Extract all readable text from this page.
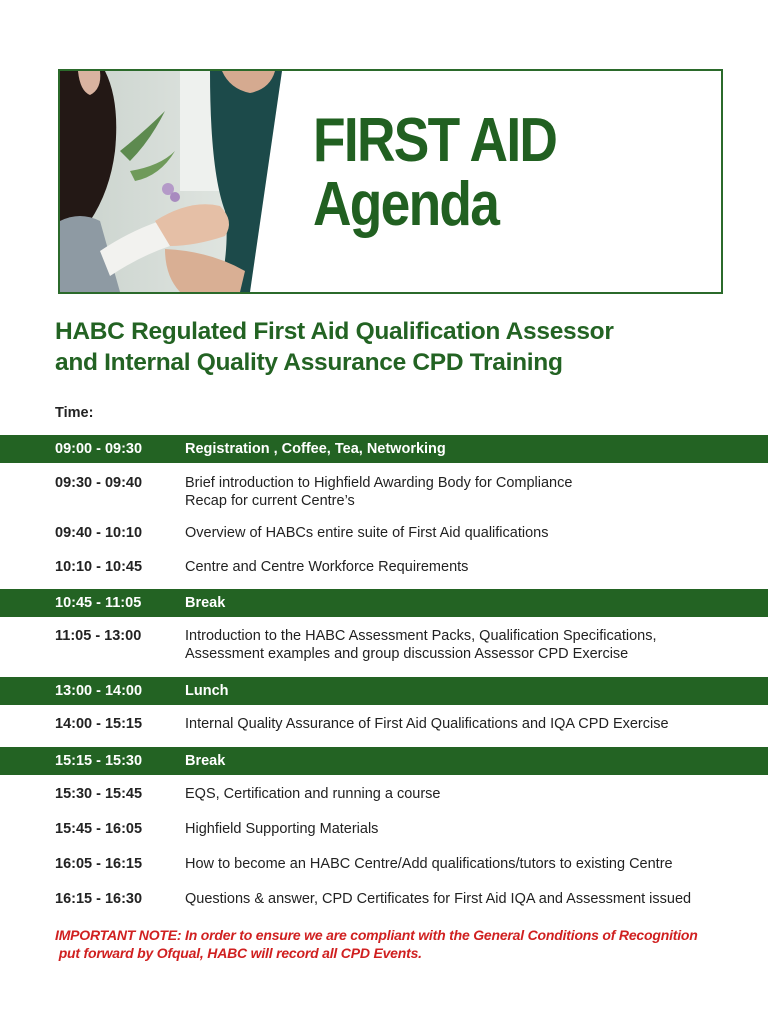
FIRST AID
Agenda
HABC Regulated First Aid Qualification Assessor
and Internal Quality Assurance CPD Training
Time:
09:00 - 09:30	Registration , Coffee, Tea, Networking
09:30 - 09:40	Brief introduction to Highfield Awarding Body for Compliance
Recap for current Centre’s
09:40 - 10:10	Overview of HABCs entire suite of First Aid qualifications
10:10 - 10:45	Centre and Centre Workforce Requirements
10:45 - 11:05	Break
11:05 - 13:00	Introduction to the HABC Assessment Packs, Qualification Specifications,
Assessment examples and group discussion Assessor CPD Exercise
13:00 - 14:00	Lunch
14:00 - 15:15	Internal Quality Assurance of First Aid Qualifications and IQA CPD Exercise
15:15 - 15:30	Break
15:30 - 15:45	EQS, Certification and running a course
15:45 - 16:05	Highfield Supporting Materials
16:05 - 16:15	How to become an HABC Centre/Add qualifications/tutors to existing Centre
16:15 - 16:30	Questions & answer, CPD Certificates for First Aid IQA and Assessment issued
IMPORTANT NOTE: In order to ensure we are compliant with the General Conditions of Recognition
put forward by Ofqual, HABC will record all CPD Events.
